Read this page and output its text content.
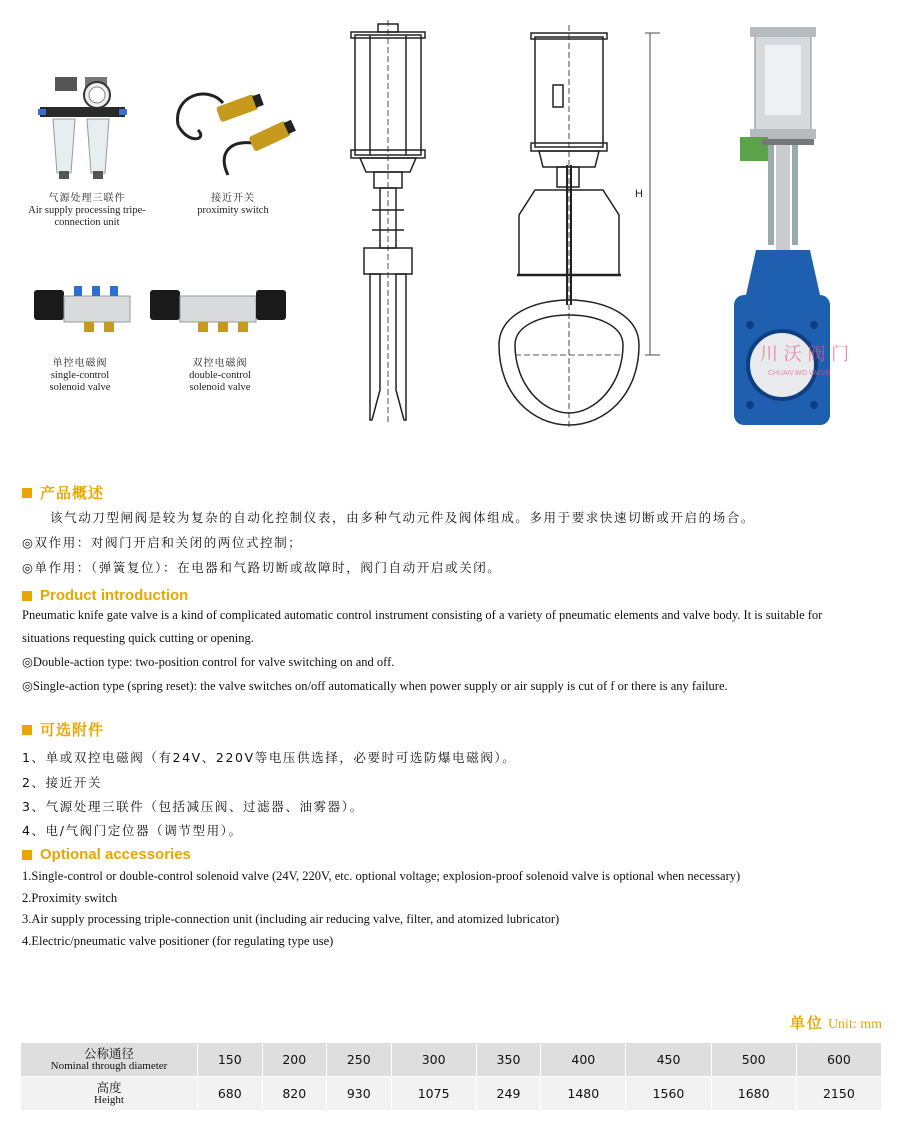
气源处理三联件
Air supply processing tripe-
connection unit
接近开关
proximity switch
单控电磁阀
single-control
solenoid valve
双控电磁阀
double-control
solenoid valve
H
川 沃 阀 门
CHUAN WO VALVE
产品概述
该气动刀型闸阀是较为复杂的自动化控制仪表，由多种气动元件及阀体组成。多用于要求快速切断或开启的场合。
◎双作用：对阀门开启和关闭的两位式控制；
◎单作用：（弹簧复位）：在电器和气路切断或故障时，阀门自动开启或关闭。
Product introduction
Pneumatic knife gate valve is a kind of complicated automatic control instrument consisting of a variety of pneumatic elements and valve body. It is suitable for
situations requesting quick cutting or opening.
◎Double-action type: two-position control for valve switching on and off.
◎Single-action type (spring reset): the valve switches on/off automatically when power supply or air supply is cut of f or there is any failure.
可选附件
1、单或双控电磁阀（有24V、220V等电压供选择，必要时可选防爆电磁阀）。
2、接近开关
3、气源处理三联件（包括减压阀、过滤器、油雾器）。
4、电/气阀门定位器（调节型用）。
Optional accessories
1.Single-control or double-control solenoid valve (24V, 220V, etc. optional voltage; explosion-proof solenoid valve is optional when necessary)
2.Proximity switch
3.Air supply processing triple-connection unit (including air reducing valve, filter, and atomized lubricator)
4.Electric/pneumatic valve positioner (for regulating type use)
单位 Unit: mm
公称通径
Nominal through diameter	150	200	250	300	350	400	450	500	600

高度
Height	680	820	930	1075	249	1480	1560	1680	2150
